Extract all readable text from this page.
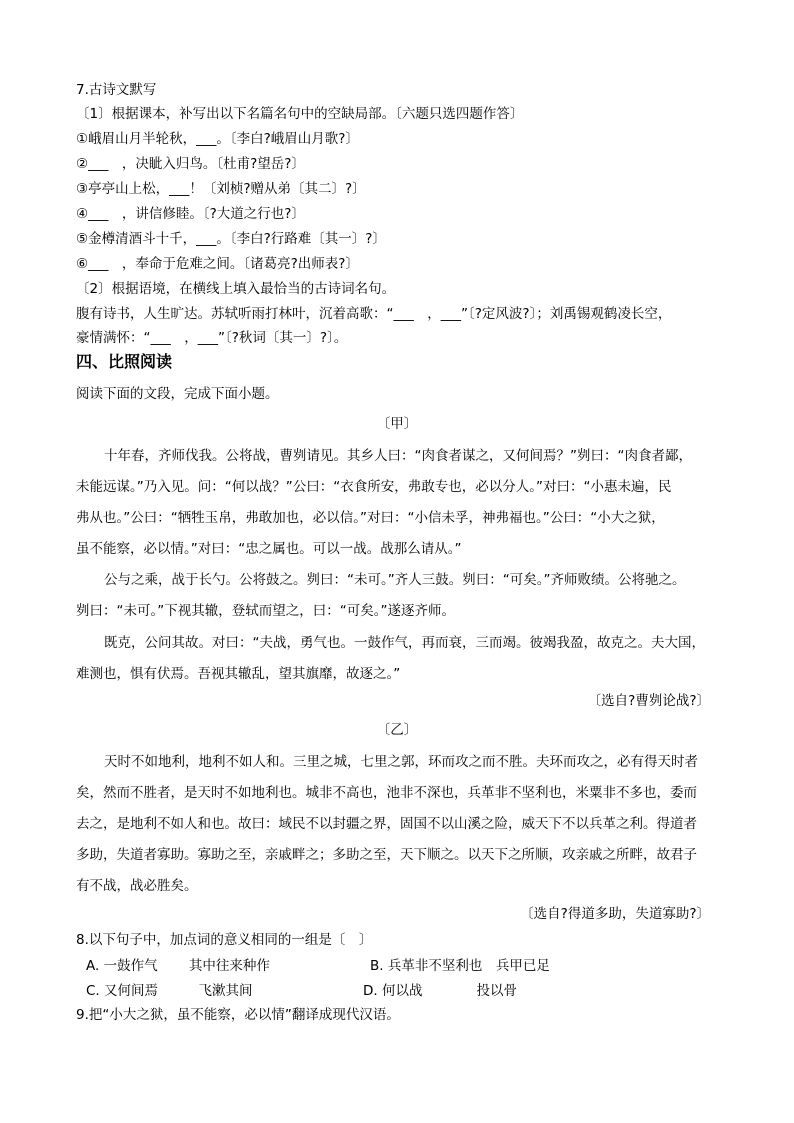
7.古诗文默写
〔1〕根据课本，补写出以下名篇名句中的空缺局部。〔六题只选四题作答〕
①峨眉山月半轮秋，___。〔李白?峨眉山月歌?〕
②___　，决眦入归鸟。〔杜甫?望岳?〕
③亭亭山上松，___！〔刘桢?赠从弟〔其二〕?〕
④___　，讲信修睦。〔?大道之行也?〕
⑤金樽清酒斗十千，___。〔李白?行路难〔其一〕?〕
⑥___　，奉命于危难之间。〔诸葛亮?出师表?〕
〔2〕根据语境，在横线上填入最恰当的古诗词名句。
腹有诗书，人生旷达。苏轼听雨打林叶，沉着高歌：“___　，___”〔?定风波?〕；刘禹锡观鹤凌长空，
豪情满怀：“___　，___”〔?秋词〔其一〕?〕。
四、比照阅读
阅读下面的文段，完成下面小题。
〔甲〕
十年春，齐师伐我。公将战，曹刿请见。其乡人曰：“肉食者谋之，又何间焉？”刿曰：“肉食者鄙，
未能远谋。”乃入见。问：“何以战？”公曰：“衣食所安，弗敢专也，必以分人。”对曰：“小惠未遍，民
弗从也。”公曰：“牺牲玉帛，弗敢加也，必以信。”对曰：“小信未孚，神弗福也。”公曰：“小大之狱，
虽不能察，必以情。”对曰：“忠之属也。可以一战。战那么请从。”
公与之乘，战于长勺。公将鼓之。刿曰：“未可。”齐人三鼓。刿曰：“可矣。”齐师败绩。公将驰之。
刿曰：“未可。”下视其辙，登轼而望之，曰：“可矣。”遂逐齐师。
既克，公问其故。对曰：“夫战，勇气也。一鼓作气，再而衰，三而竭。彼竭我盈，故克之。夫大国，
难测也，惧有伏焉。吾视其辙乱，望其旗靡，故逐之。”
〔选自?曹刿论战?〕
〔乙〕
天时不如地利，地利不如人和。三里之城，七里之郭，环而攻之而不胜。夫环而攻之，必有得天时者
矣，然而不胜者，是天时不如地利也。城非不高也，池非不深也，兵革非不坚利也，米粟非不多也，委而
去之，是地利不如人和也。故曰：域民不以封疆之界，固国不以山溪之险，威天下不以兵革之利。得道者
多助，失道者寡助。寡助之至，亲戚畔之；多助之至，天下顺之。以天下之所顺，攻亲戚之所畔，故君子
有不战，战必胜矣。
〔选自?得道多助，失道寡助?〕
8.以下句子中，加点词的意义相同的一组是〔　〕
A. 一鼓作气　　 其中往来种作	B. 兵革非不坚利也　兵甲已足
C. 又何间焉　　　飞漱其间	D. 何以战　　　　投以骨
9.把“小大之狱，虽不能察，必以情”翻译成现代汉语。
